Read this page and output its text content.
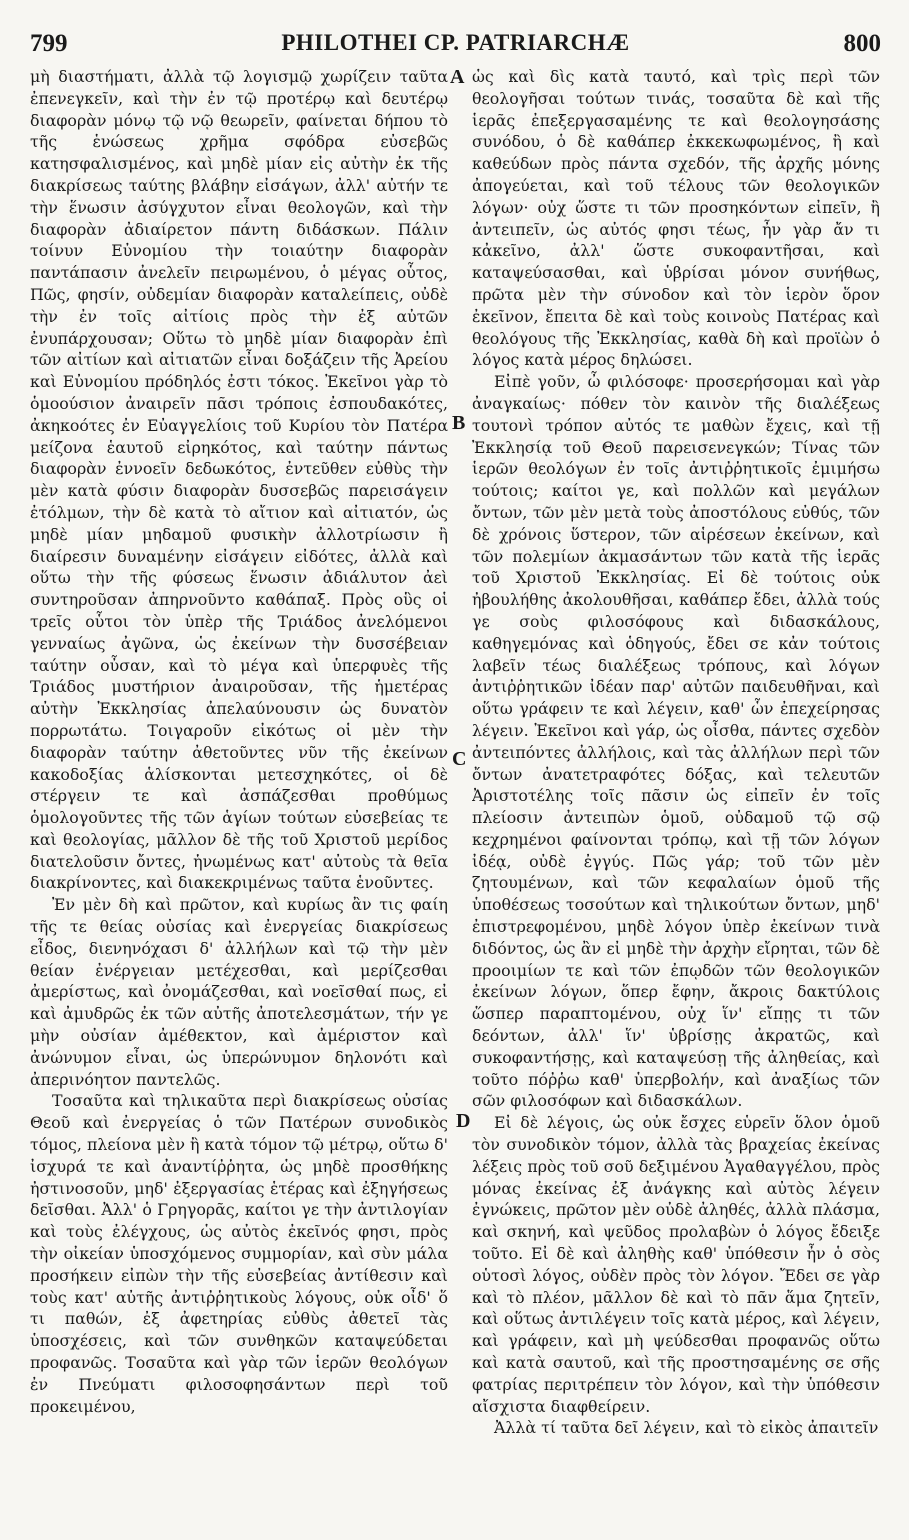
799	PHILOTHEI CP. PATRIARCHÆ	800

μὴ διαστήματι, ἀλλὰ τῷ λογισμῷ χωρίζειν ταῦτα ἐπενεγκεῖν, καὶ τὴν ἐν τῷ προτέρῳ καὶ δευτέρῳ διαφορὰν μόνῳ τῷ νῷ θεωρεῖν, φαίνεται δήπου τὸ τῆς ἑνώσεως χρῆμα σφόδρα εὐσεβῶς κατησφαλισμένος, καὶ μηδὲ μίαν εἰς αὐτὴν ἐκ τῆς διακρίσεως ταύτης βλάβην εἰσάγων, ἀλλ' αὐτήν τε τὴν ἕνωσιν ἀσύγχυτον εἶναι θεολογῶν, καὶ τὴν διαφορὰν ἀδιαίρετον πάντη διδάσκων. Πάλιν τοίνυν Εὐνομίου τὴν τοιαύτην διαφορὰν παντάπασιν ἀνελεῖν πειρωμένου, ὁ μέγας οὗτος, Πῶς, φησίν, οὐδεμίαν διαφορὰν καταλείπεις, οὐδὲ τὴν ἐν τοῖς αἰτίοις πρὸς τὴν ἐξ αὐτῶν ἐνυπάρχουσαν; Οὕτω τὸ μηδὲ μίαν διαφορὰν ἐπὶ τῶν αἰτίων καὶ αἰτιατῶν εἶναι δοξάζειν τῆς Ἀρείου καὶ Εὐνομίου πρόδηλός ἐστι τόκος. Ἐκεῖνοι γὰρ τὸ ὁμοούσιον ἀναιρεῖν πᾶσι τρόποις ἐσπουδακότες, ἀκηκοότες ἐν Εὐαγγελίοις τοῦ Κυρίου τὸν Πατέρα μείζονα ἑαυτοῦ εἰρηκότος, καὶ ταύτην πάντως διαφορὰν ἐννοεῖν δεδωκότος, ἐντεῦθεν εὐθὺς τὴν μὲν κατὰ φύσιν διαφορὰν δυσσεβῶς παρεισάγειν ἐτόλμων, τὴν δὲ κατὰ τὸ αἴτιον καὶ αἰτιατόν, ὡς μηδὲ μίαν μηδαμοῦ φυσικὴν ἀλλοτρίωσιν ἢ διαίρεσιν δυναμένην εἰσάγειν εἰδότες, ἀλλὰ καὶ οὕτω τὴν τῆς φύσεως ἕνωσιν ἀδιάλυτον ἀεὶ συντηροῦσαν ἀπηρνοῦντο καθάπαξ. Πρὸς οὓς οἱ τρεῖς οὗτοι τὸν ὑπὲρ τῆς Τριάδος ἀνελόμενοι γενναίως ἀγῶνα, ὡς ἐκείνων τὴν δυσσέβειαν ταύτην οὖσαν, καὶ τὸ μέγα καὶ ὑπερφυὲς τῆς Τριάδος μυστήριον ἀναιροῦσαν, τῆς ἡμετέρας αὐτὴν Ἐκκλησίας ἀπελαύνουσιν ὡς δυνατὸν πορρωτάτω. Τοιγαροῦν εἰκότως οἱ μὲν τὴν διαφορὰν ταύτην ἀθετοῦντες νῦν τῆς ἐκείνων κακοδοξίας ἁλίσκονται μετεσχηκότες, οἱ δὲ στέργειν τε καὶ ἀσπάζεσθαι προθύμως ὁμολογοῦντες τῆς τῶν ἁγίων τούτων εὐσεβείας τε καὶ θεολογίας, μᾶλλον δὲ τῆς τοῦ Χριστοῦ μερίδος διατελοῦσιν ὄντες, ἡνωμένως κατ' αὐτοὺς τὰ θεῖα διακρίνοντες, καὶ διακεκριμένως ταῦτα ἑνοῦντες.

Ἐν μὲν δὴ καὶ πρῶτον, καὶ κυρίως ἂν τις φαίη τῆς τε θείας οὐσίας καὶ ἐνεργείας διακρίσεως εἶδος, διενηνόχασι δ' ἀλλήλων καὶ τῷ τὴν μὲν θείαν ἐνέργειαν μετέχεσθαι, καὶ μερίζεσθαι ἀμερίστως, καὶ ὀνομάζεσθαι, καὶ νοεῖσθαί πως, εἰ καὶ ἀμυδρῶς ἐκ τῶν αὐτῆς ἀποτελεσμάτων, τήν γε μὴν οὐσίαν ἀμέθεκτον, καὶ ἀμέριστον καὶ ἀνώνυμον εἶναι, ὡς ὑπερώνυμον δηλονότι καὶ ἀπερινόητον παντελῶς.

Τοσαῦτα καὶ τηλικαῦτα περὶ διακρίσεως οὐσίας Θεοῦ καὶ ἐνεργείας ὁ τῶν Πατέρων συνοδικὸς τόμος, πλείονα μὲν ἢ κατὰ τόμον τῷ μέτρῳ, οὕτω δ' ἰσχυρά τε καὶ ἀναντίῤῥητα, ὡς μηδὲ προσθήκης ἠστινοσοῦν, μηδ' ἐξεργασίας ἑτέρας καὶ ἐξηγήσεως δεῖσθαι. Ἀλλ' ὁ Γρηγορᾶς, καίτοι γε τὴν ἀντιλογίαν καὶ τοὺς ἐλέγχους, ὡς αὐτὸς ἐκεῖνός φησι, πρὸς τὴν οἰκείαν ὑποσχόμενος συμμορίαν, καὶ σὺν μάλα προσήκειν εἰπὼν τὴν τῆς εὐσεβείας ἀντίθεσιν καὶ τοὺς κατ' αὐτῆς ἀντιῤῥητικοὺς λόγους, οὐκ οἶδ' ὅ τι παθών, ἐξ ἀφετηρίας εὐθὺς ἀθετεῖ τὰς ὑποσχέσεις, καὶ τῶν συνθηκῶν καταψεύδεται προφανῶς. Τοσαῦτα καὶ γὰρ τῶν ἱερῶν θεολόγων ἐν Πνεύματι φιλοσοφησάντων περὶ τοῦ προκειμένου,

A
B
C
D

ὡς καὶ δὶς κατὰ ταυτό, καὶ τρὶς περὶ τῶν θεολογῆσαι τούτων τινάς, τοσαῦτα δὲ καὶ τῆς ἱερᾶς ἐπεξεργασαμένης τε καὶ θεολογησάσης συνόδου, ὁ δὲ καθάπερ ἐκκεκωφωμένος, ἢ καὶ καθεύδων πρὸς πάντα σχεδόν, τῆς ἀρχῆς μόνης ἀπογεύεται, καὶ τοῦ τέλους τῶν θεολογικῶν λόγων· οὐχ ὥστε τι τῶν προσηκόντων εἰπεῖν, ἢ ἀντειπεῖν, ὡς αὐτός φησι τέως, ἦν γὰρ ἄν τι κἀκεῖνο, ἀλλ' ὥστε συκοφαντῆσαι, καὶ καταψεύσασθαι, καὶ ὑβρίσαι μόνον συνήθως, πρῶτα μὲν τὴν σύνοδον καὶ τὸν ἱερὸν ὅρον ἐκεῖνον, ἔπειτα δὲ καὶ τοὺς κοινοὺς Πατέρας καὶ θεολόγους τῆς Ἐκκλησίας, καθὰ δὴ καὶ προϊὼν ὁ λόγος κατὰ μέρος δηλώσει.

Εἰπὲ γοῦν, ὦ φιλόσοφε· προσερήσομαι καὶ γὰρ ἀναγκαίως· πόθεν τὸν καινὸν τῆς διαλέξεως τουτονὶ τρόπον αὐτός τε μαθὼν ἔχεις, καὶ τῇ Ἐκκλησίᾳ τοῦ Θεοῦ παρεισενεγκών; Τίνας τῶν ἱερῶν θεολόγων ἐν τοῖς ἀντιῤῥητικοῖς ἐμιμήσω τούτοις; καίτοι γε, καὶ πολλῶν καὶ μεγάλων ὄντων, τῶν μὲν μετὰ τοὺς ἀποστόλους εὐθύς, τῶν δὲ χρόνοις ὕστερον, τῶν αἱρέσεων ἐκείνων, καὶ τῶν πολεμίων ἀκμασάντων τῶν κατὰ τῆς ἱερᾶς τοῦ Χριστοῦ Ἐκκλησίας. Εἰ δὲ τούτοις οὐκ ἠβουλήθης ἀκολουθῆσαι, καθάπερ ἔδει, ἀλλὰ τούς γε σοὺς φιλοσόφους καὶ διδασκάλους, καθηγεμόνας καὶ ὁδηγούς, ἔδει σε κἀν τούτοις λαβεῖν τέως διαλέξεως τρόπους, καὶ λόγων ἀντιῤῥητικῶν ἰδέαν παρ' αὐτῶν παιδευθῆναι, καὶ οὕτω γράφειν τε καὶ λέγειν, καθ' ὧν ἐπεχείρησας λέγειν. Ἐκεῖνοι καὶ γάρ, ὡς οἶσθα, πάντες σχεδὸν ἀντειπόντες ἀλλήλοις, καὶ τὰς ἀλλήλων περὶ τῶν ὄντων ἀνατετραφότες δόξας, καὶ τελευτῶν Ἀριστοτέλης τοῖς πᾶσιν ὡς εἰπεῖν ἐν τοῖς πλείοσιν ἀντειπὼν ὁμοῦ, οὐδαμοῦ τῷ σῷ κεχρημένοι φαίνονται τρόπῳ, καὶ τῇ τῶν λόγων ἰδέᾳ, οὐδὲ ἐγγύς. Πῶς γάρ; τοῦ τῶν μὲν ζητουμένων, καὶ τῶν κεφαλαίων ὁμοῦ τῆς ὑποθέσεως τοσούτων καὶ τηλικούτων ὄντων, μηδ' ἐπιστρεφομένου, μηδὲ λόγον ὑπὲρ ἐκείνων τινὰ διδόντος, ὡς ἂν εἰ μηδὲ τὴν ἀρχὴν εἴρηται, τῶν δὲ προοιμίων τε καὶ τῶν ἐπῳδῶν τῶν θεολογικῶν ἐκείνων λόγων, ὅπερ ἔφην, ἄκροις δακτύλοις ὥσπερ παραπτομένου, οὐχ ἵν' εἴπῃς τι τῶν δεόντων, ἀλλ' ἵν' ὑβρίσῃς ἀκρατῶς, καὶ συκοφαντήσῃς, καὶ καταψεύσῃ τῆς ἀληθείας, καὶ τοῦτο πόῤῥω καθ' ὑπερβολήν, καὶ ἀναξίως τῶν σῶν φιλοσόφων καὶ διδασκάλων.

Εἰ δὲ λέγοις, ὡς οὐκ ἔσχες εὑρεῖν ὅλον ὁμοῦ τὸν συνοδικὸν τόμον, ἀλλὰ τὰς βραχείας ἐκείνας λέξεις πρὸς τοῦ σοῦ δεξιμένου Ἀγαθαγγέλου, πρὸς μόνας ἐκείνας ἐξ ἀνάγκης καὶ αὐτὸς λέγειν ἐγνώκεις, πρῶτον μὲν οὐδὲ ἀληθές, ἀλλὰ πλάσμα, καὶ σκηνή, καὶ ψεῦδος προλαβὼν ὁ λόγος ἔδειξε τοῦτο. Εἰ δὲ καὶ ἀληθὴς καθ' ὑπόθεσιν ἦν ὁ σὸς οὑτοσὶ λόγος, οὐδὲν πρὸς τὸν λόγον. Ἔδει σε γὰρ καὶ τὸ πλέον, μᾶλλον δὲ καὶ τὸ πᾶν ἅμα ζητεῖν, καὶ οὕτως ἀντιλέγειν τοῖς κατὰ μέρος, καὶ λέγειν, καὶ γράφειν, καὶ μὴ ψεύδεσθαι προφανῶς οὕτω καὶ κατὰ σαυτοῦ, καὶ τῆς προστησαμένης σε σῆς φατρίας περιτρέπειν τὸν λόγον, καὶ τὴν ὑπόθεσιν αἴσχιστα διαφθείρειν.

Ἀλλὰ τί ταῦτα δεῖ λέγειν, καὶ τὸ εἰκὸς ἀπαιτεῖν
